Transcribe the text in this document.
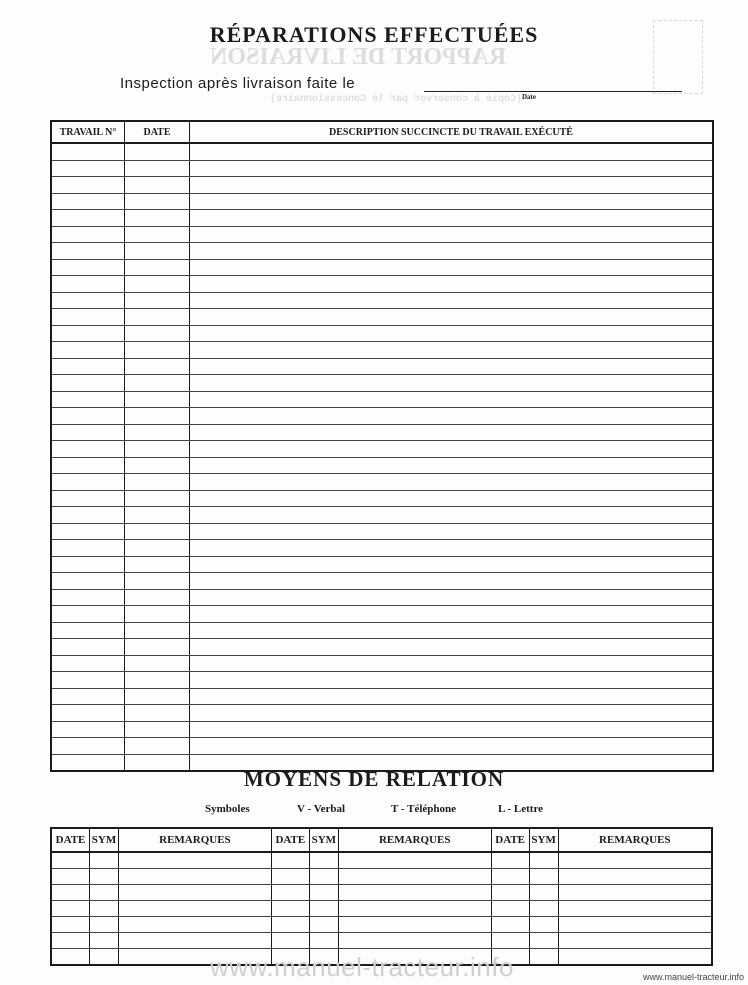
RAPPORT DE LIVRAISON
(Copie à conserver par le Concessionnaire)
RÉPARATIONS EFFECTUÉES
Inspection après livraison faite le
Date
TRAVAIL N°	DATE	DESCRIPTION SUCCINCTE DU TRAVAIL EXÉCUTÉ

MOYENS DE RELATION
Symboles	V - Verbal	T - Téléphone	L - Lettre
DATE	SYM	REMARQUES	DATE	SYM	REMARQUES	DATE	SYM	REMARQUES

www.manuel-tracteur.info	www.manuel-tracteur.info
